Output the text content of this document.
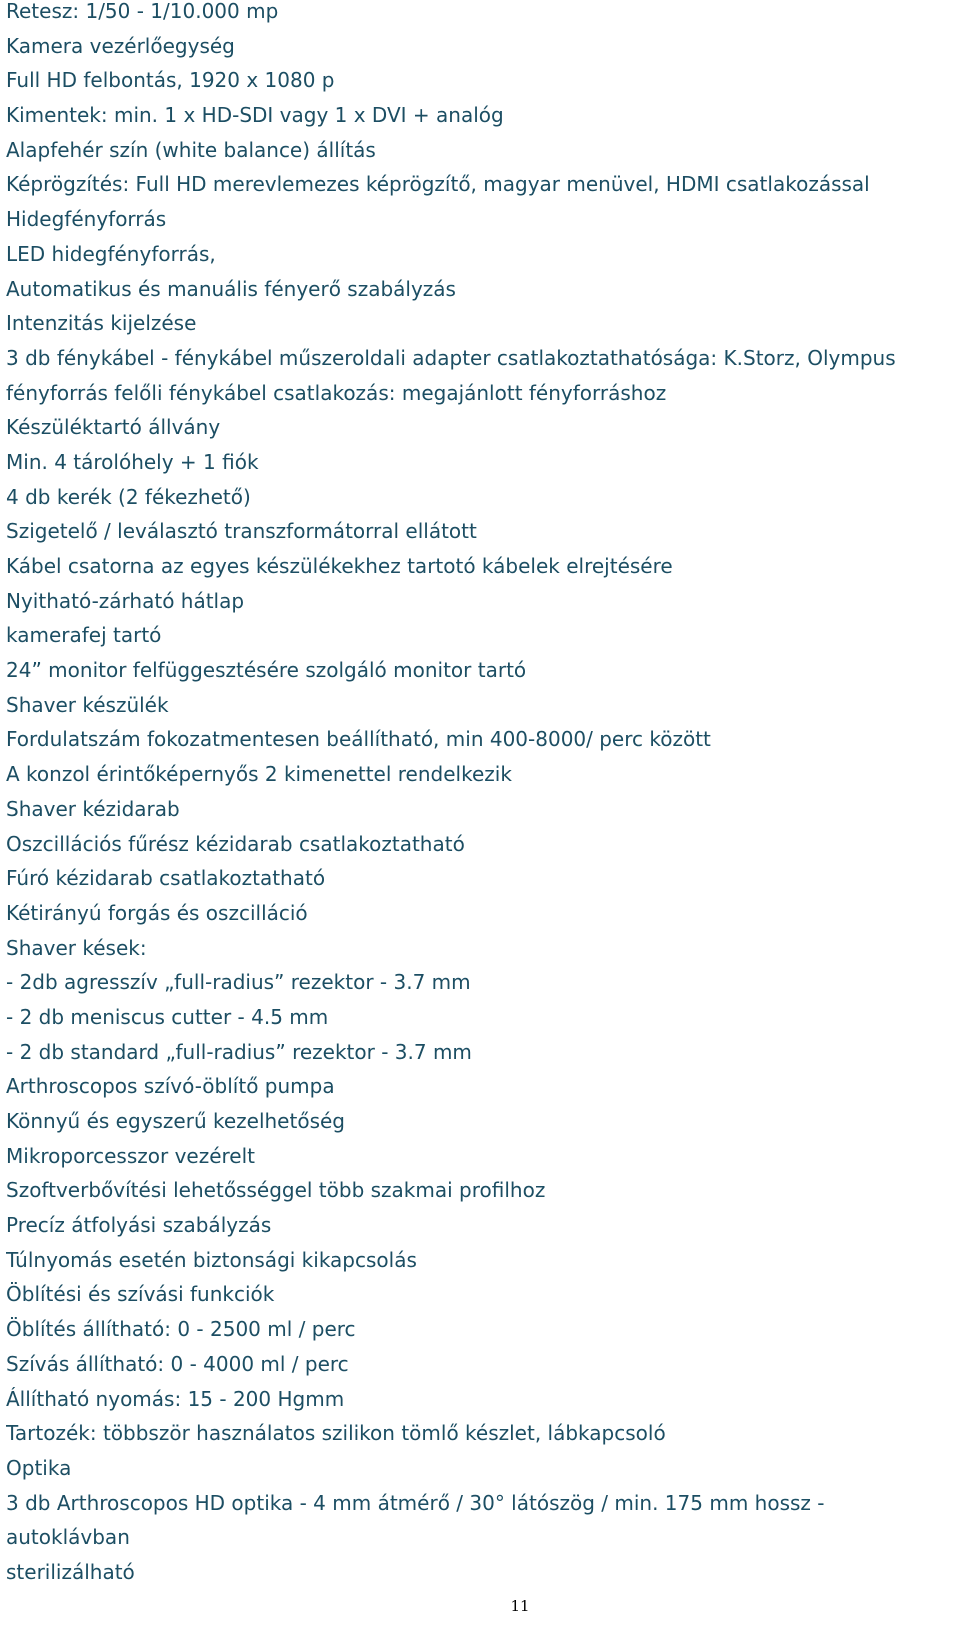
Retesz: 1/50 - 1/10.000 mp
Kamera vezérlőegység
Full HD felbontás, 1920 x 1080 p
Kimentek: min. 1 x HD-SDI vagy 1 x DVI + analóg
Alapfehér szín (white balance) állítás
Képrögzítés: Full HD merevlemezes képrögzítő, magyar menüvel, HDMI csatlakozással
Hidegfényforrás
LED hidegfényforrás,
Automatikus és manuális fényerő szabályzás
Intenzitás kijelzése
3 db fénykábel - fénykábel műszeroldali adapter csatlakoztathatósága: K.Storz, Olympus
fényforrás felőli fénykábel csatlakozás: megajánlott fényforráshoz
Készüléktartó állvány
Min. 4 tárolóhely + 1 fiók
4 db kerék (2 fékezhető)
Szigetelő / leválasztó transzformátorral ellátott
Kábel csatorna az egyes készülékekhez tartotó kábelek elrejtésére
Nyitható-zárható hátlap
kamerafej tartó
24” monitor felfüggesztésére szolgáló monitor tartó
Shaver készülék
Fordulatszám fokozatmentesen beállítható, min 400-8000/ perc között
A konzol érintőképernyős 2 kimenettel rendelkezik
Shaver kézidarab
Oszcillációs fűrész kézidarab csatlakoztatható
Fúró kézidarab csatlakoztatható
Kétirányú forgás és oszcilláció
Shaver kések:
- 2db agresszív „full-radius” rezektor - 3.7 mm
- 2 db meniscus cutter - 4.5 mm
- 2 db standard „full-radius” rezektor - 3.7 mm
Arthroscopos szívó-öblítő pumpa
Könnyű és egyszerű kezelhetőség
Mikroporcesszor vezérelt
Szoftverbővítési lehetősséggel több szakmai profilhoz
Precíz átfolyási szabályzás
Túlnyomás esetén biztonsági kikapcsolás
Öblítési és szívási funkciók
Öblítés állítható: 0 - 2500 ml / perc
Szívás állítható: 0 - 4000 ml / perc
Állítható nyomás: 15 - 200 Hgmm
Tartozék: többször használatos szilikon tömlő készlet, lábkapcsoló
Optika
3 db Arthroscopos HD optika - 4 mm átmérő / 30° látószög / min. 175 mm hossz -
autoklávban
sterilizálható
11
